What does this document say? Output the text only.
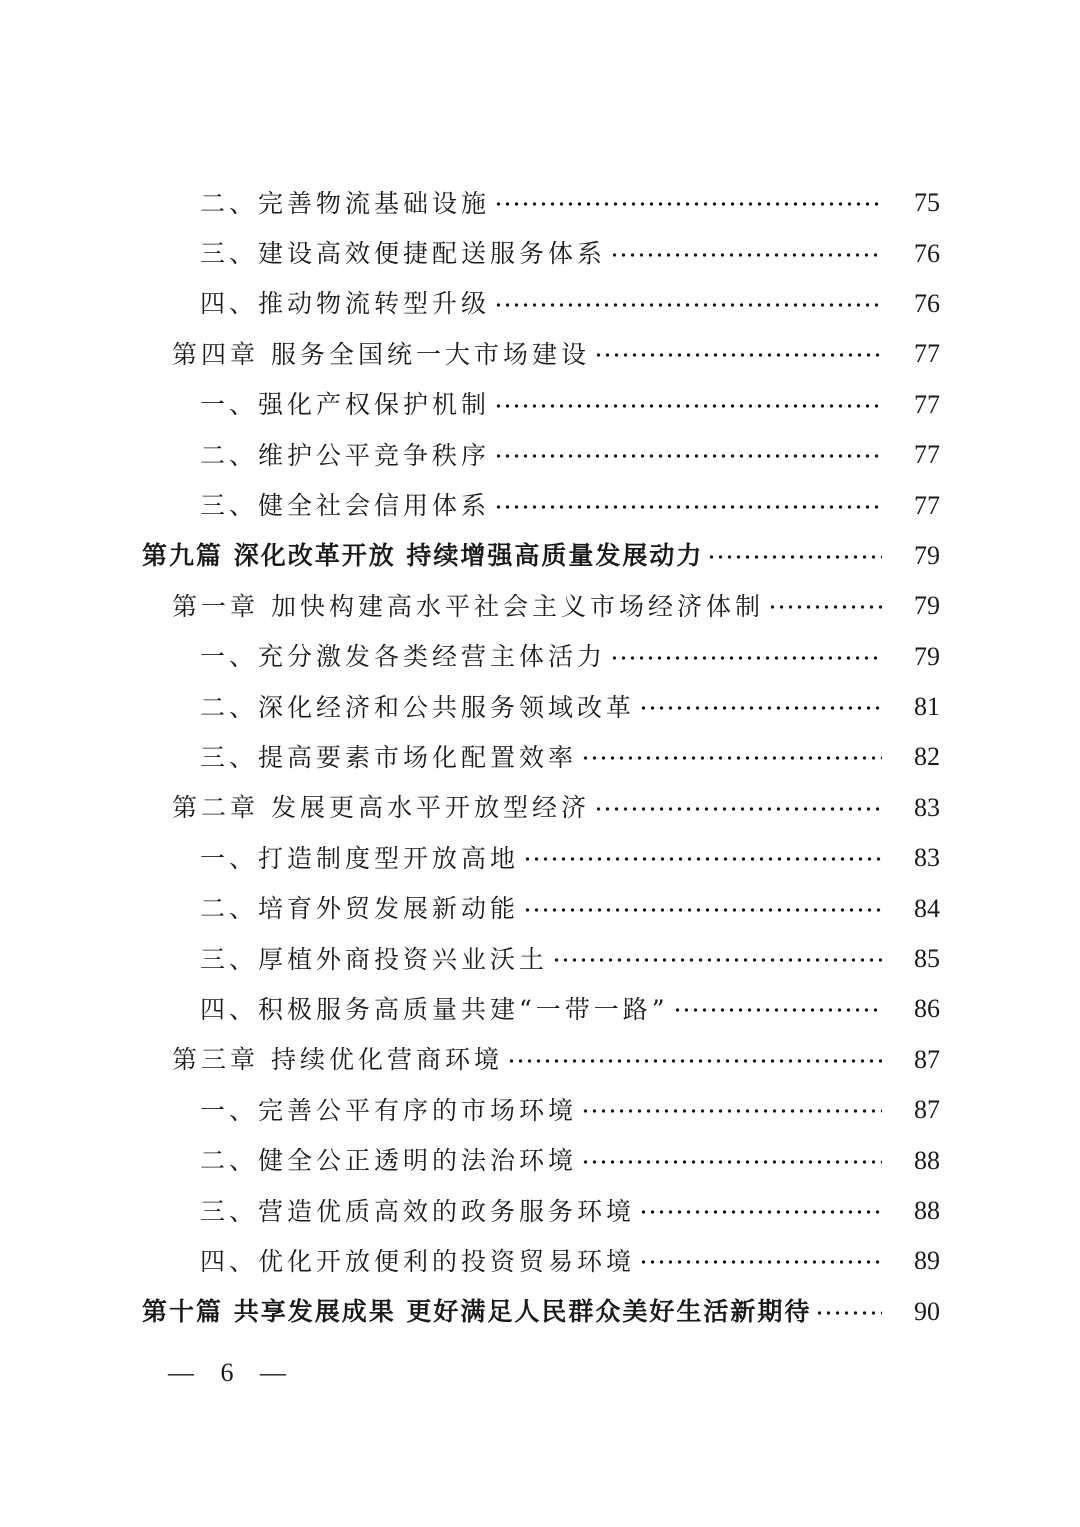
二、完善物流基础设施	75
三、建设高效便捷配送服务体系	76
四、推动物流转型升级	76
第四章 服务全国统一大市场建设	77
一、强化产权保护机制	77
二、维护公平竞争秩序	77
三、健全社会信用体系	77
第九篇 深化改革开放 持续增强高质量发展动力	79
第一章 加快构建高水平社会主义市场经济体制	79
一、充分激发各类经营主体活力	79
二、深化经济和公共服务领域改革	81
三、提高要素市场化配置效率	82
第二章 发展更高水平开放型经济	83
一、打造制度型开放高地	83
二、培育外贸发展新动能	84
三、厚植外商投资兴业沃土	85
四、积极服务高质量共建“一带一路”	86
第三章 持续优化营商环境	87
一、完善公平有序的市场环境	87
二、健全公正透明的法治环境	88
三、营造优质高效的政务服务环境	88
四、优化开放便利的投资贸易环境	89
第十篇 共享发展成果 更好满足人民群众美好生活新期待	90
— 6 —
